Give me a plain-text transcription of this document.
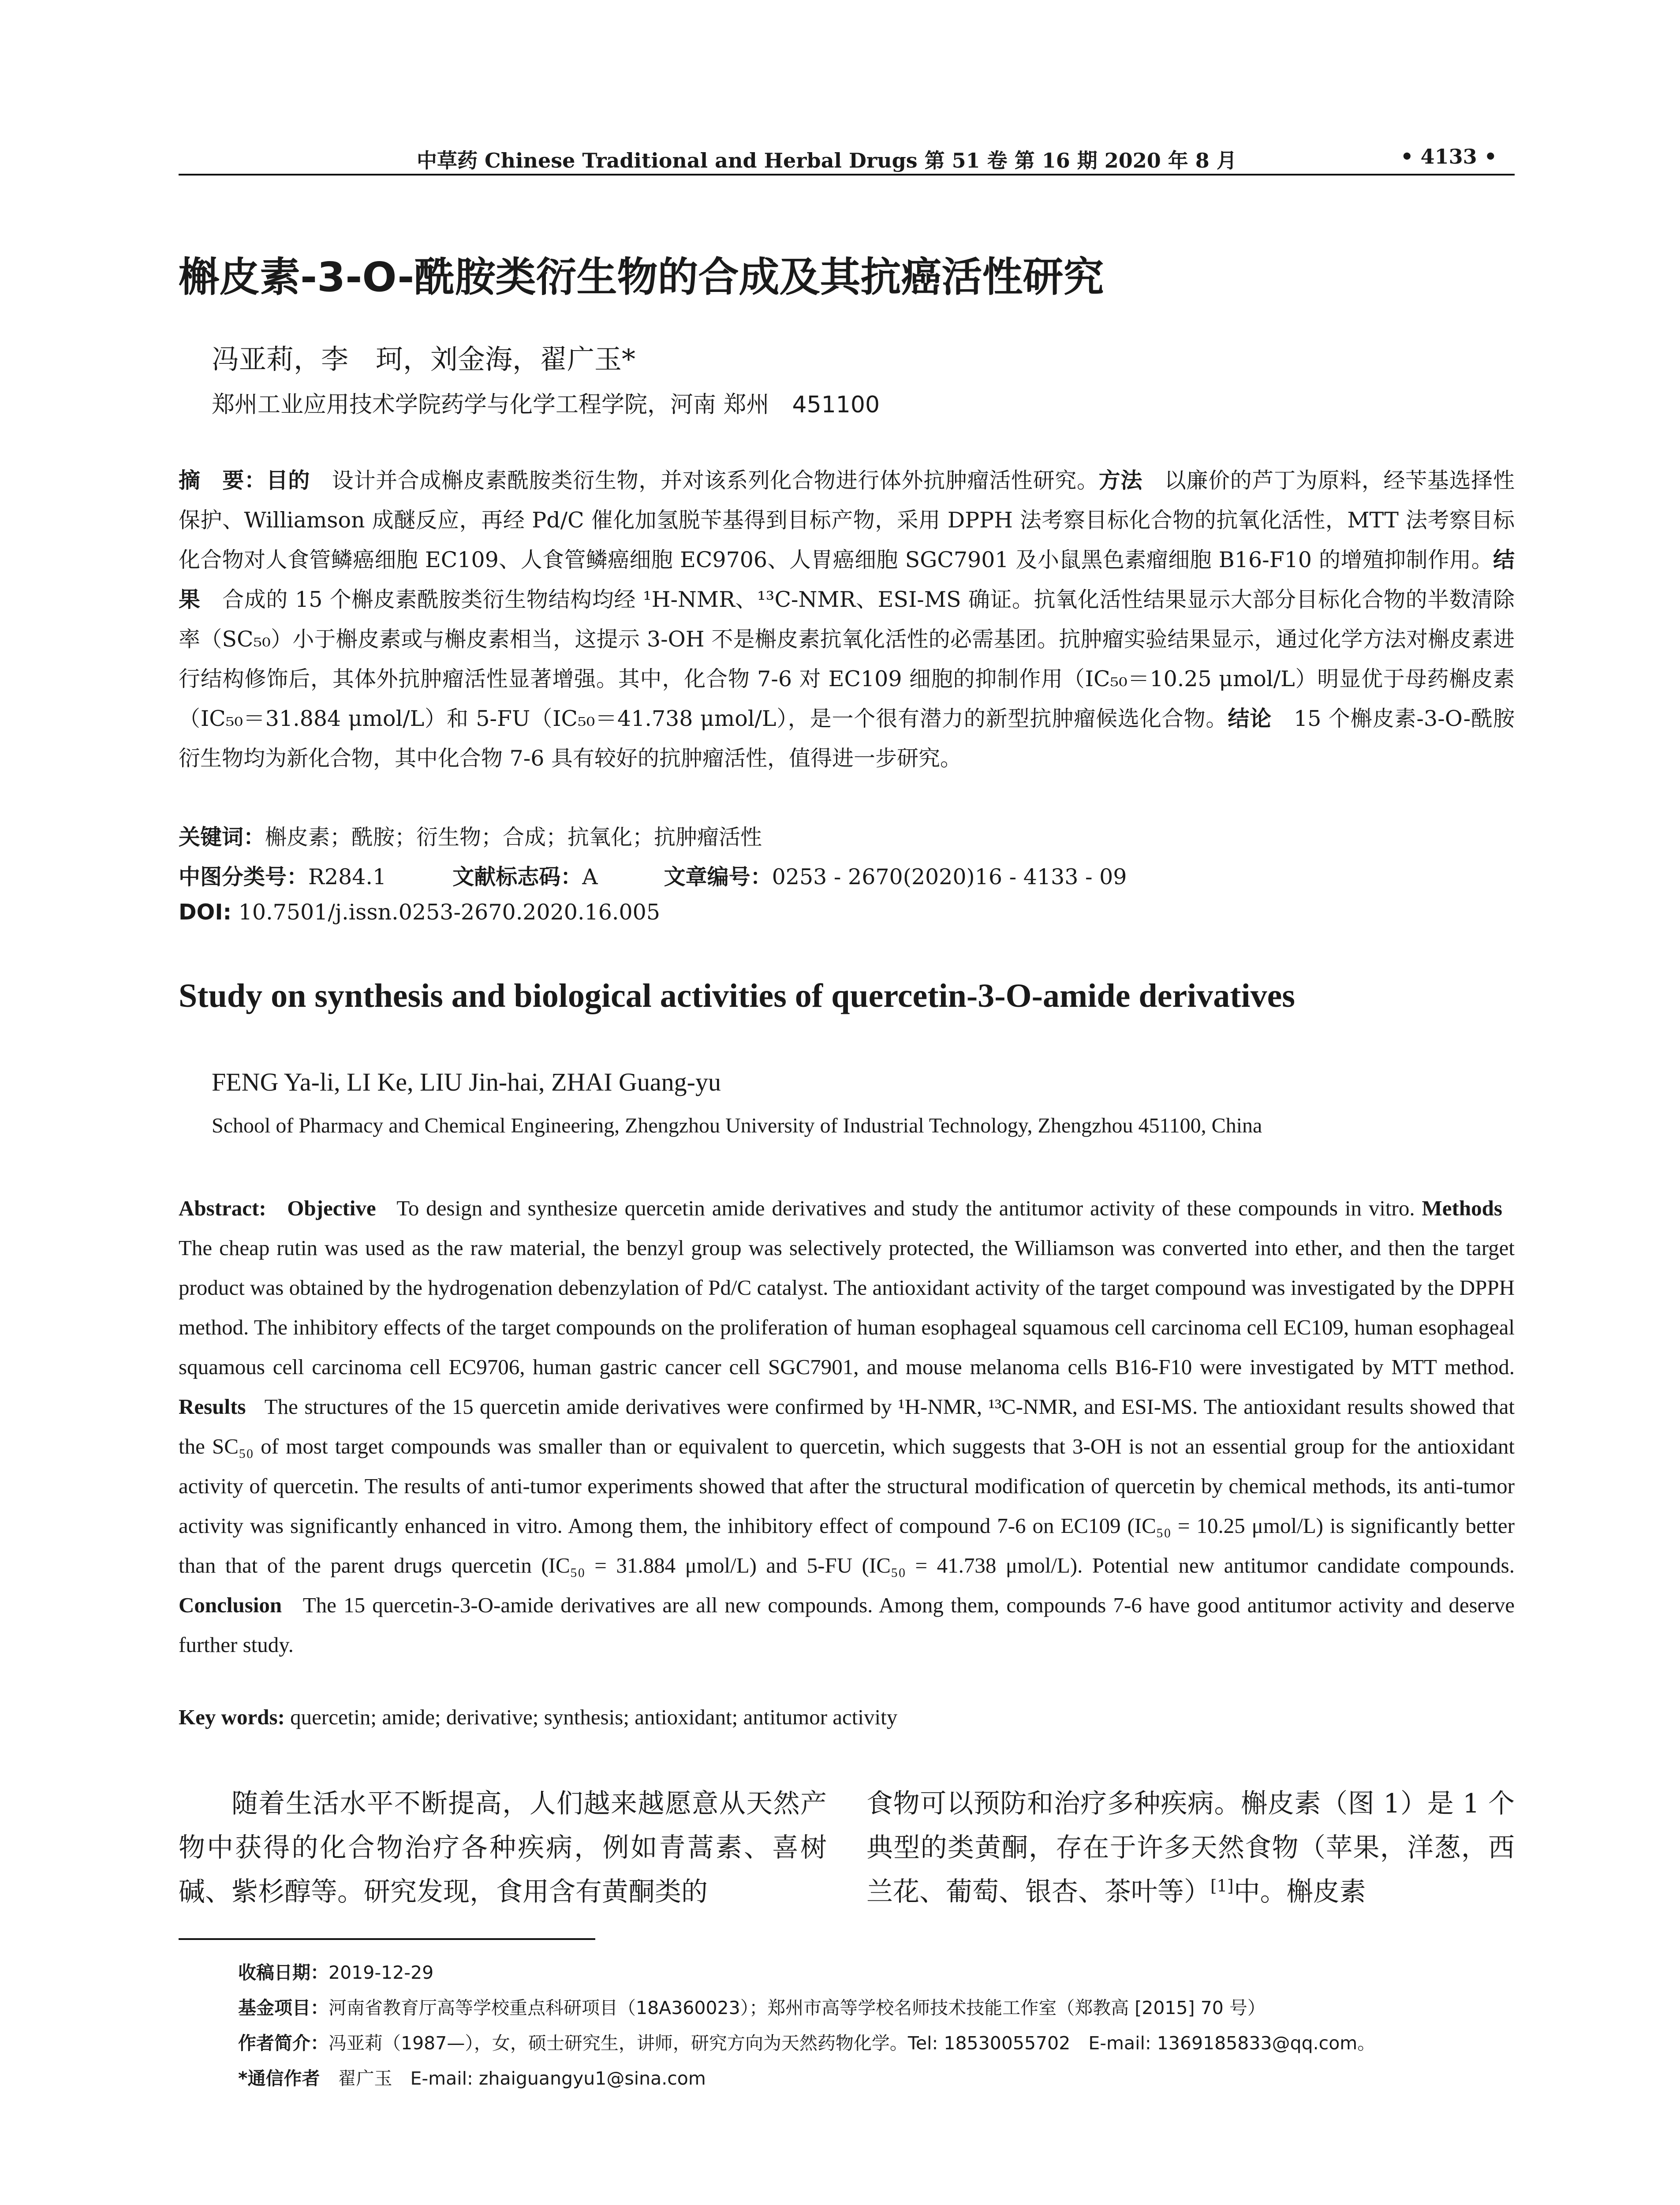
中草药 Chinese Traditional and Herbal Drugs 第 51 卷 第 16 期 2020 年 8 月	• 4133 •
槲皮素-3-O-酰胺类衍生物的合成及其抗癌活性研究
冯亚莉，李　珂，刘金海，翟广玉*
郑州工业应用技术学院药学与化学工程学院，河南 郑州　451100
摘　要：目的　 设计并合成槲皮素酰胺类衍生物，并对该系列化合物进行体外抗肿瘤活性研究。方法　 以廉价的芦丁为原料，经苄基选择性保护、Williamson 成醚反应，再经 Pd/C 催化加氢脱苄基得到目标产物，采用 DPPH 法考察目标化合物的抗氧化活性，MTT 法考察目标化合物对人食管鳞癌细胞 EC109、人食管鳞癌细胞 EC9706、人胃癌细胞 SGC7901 及小鼠黑色素瘤细胞 B16-F10 的增殖抑制作用。结果　 合成的 15 个槲皮素酰胺类衍生物结构均经 ¹H-NMR、¹³C-NMR、ESI-MS 确证。抗氧化活性结果显示大部分目标化合物的半数清除率（SC₅₀）小于槲皮素或与槲皮素相当，这提示 3-OH 不是槲皮素抗氧化活性的必需基团。抗肿瘤实验结果显示，通过化学方法对槲皮素进行结构修饰后，其体外抗肿瘤活性显著增强。其中，化合物 7-6 对 EC109 细胞的抑制作用（IC₅₀＝10.25 μmol/L）明显优于母药槲皮素（IC₅₀＝31.884 μmol/L）和 5-FU（IC₅₀＝41.738 μmol/L），是一个很有潜力的新型抗肿瘤候选化合物。结论　 15 个槲皮素-3-O-酰胺衍生物均为新化合物，其中化合物 7-6 具有较好的抗肿瘤活性，值得进一步研究。
关键词：槲皮素；酰胺；衍生物；合成；抗氧化；抗肿瘤活性
中图分类号：R284.1	文献标志码：A	文章编号：0253 - 2670(2020)16 - 4133 - 09
DOI: 10.7501/j.issn.0253-2670.2020.16.005
Study on synthesis and biological activities of quercetin-3-O-amide derivatives
FENG Ya-li, LI Ke, LIU Jin-hai, ZHAI Guang-yu
School of Pharmacy and Chemical Engineering, Zhengzhou University of Industrial Technology, Zhengzhou 451100, China
Abstract: Objective To design and synthesize quercetin amide derivatives and study the antitumor activity of these compounds in vitro. Methods   The cheap rutin was used as the raw material, the benzyl group was selectively protected, the Williamson was converted into ether, and then the target product was obtained by the hydrogenation debenzylation of Pd/C catalyst. The antioxidant activity of the target compound was investigated by the DPPH method. The inhibitory effects of the target compounds on the proliferation of human esophageal squamous cell carcinoma cell EC109, human esophageal squamous cell carcinoma cell EC9706, human gastric cancer cell SGC7901, and mouse melanoma cells B16-F10 were investigated by MTT method. Results The structures of the 15 quercetin amide derivatives were confirmed by ¹H-NMR, ¹³C-NMR, and ESI-MS. The antioxidant results showed that the SC₅₀ of most target compounds was smaller than or equivalent to quercetin, which suggests that 3-OH is not an essential group for the antioxidant activity of quercetin. The results of anti-tumor experiments showed that after the structural modification of quercetin by chemical methods, its anti-tumor activity was significantly enhanced in vitro. Among them, the inhibitory effect of compound 7-6 on EC109 (IC₅₀ = 10.25 μmol/L) is significantly better than that of the parent drugs quercetin (IC₅₀ = 31.884 μmol/L) and 5-FU (IC₅₀ = 41.738 μmol/L). Potential new antitumor candidate compounds. Conclusion The 15 quercetin-3-O-amide derivatives are all new compounds. Among them, compounds 7-6 have good antitumor activity and deserve further study.
Key words: quercetin; amide; derivative; synthesis; antioxidant; antitumor activity

随着生活水平不断提高，人们越来越愿意从天然产物中获得的化合物治疗各种疾病，例如青蒿素、喜树碱、紫杉醇等。研究发现，食用含有黄酮类的

食物可以预防和治疗多种疾病。槲皮素（图 1）是 1 个典型的类黄酮，存在于许多天然食物（苹果，洋葱，西兰花、葡萄、银杏、茶叶等）[1]中。槲皮素

收稿日期：2019-12-29
基金项目：河南省教育厅高等学校重点科研项目（18A360023）；郑州市高等学校名师技术技能工作室（郑教高 [2015] 70 号）
作者简介：冯亚莉（1987—），女，硕士研究生，讲师，研究方向为天然药物化学。Tel: 18530055702　E-mail: 1369185833@qq.com。
*通信作者　 翟广玉　E-mail: zhaiguangyu1@sina.com
